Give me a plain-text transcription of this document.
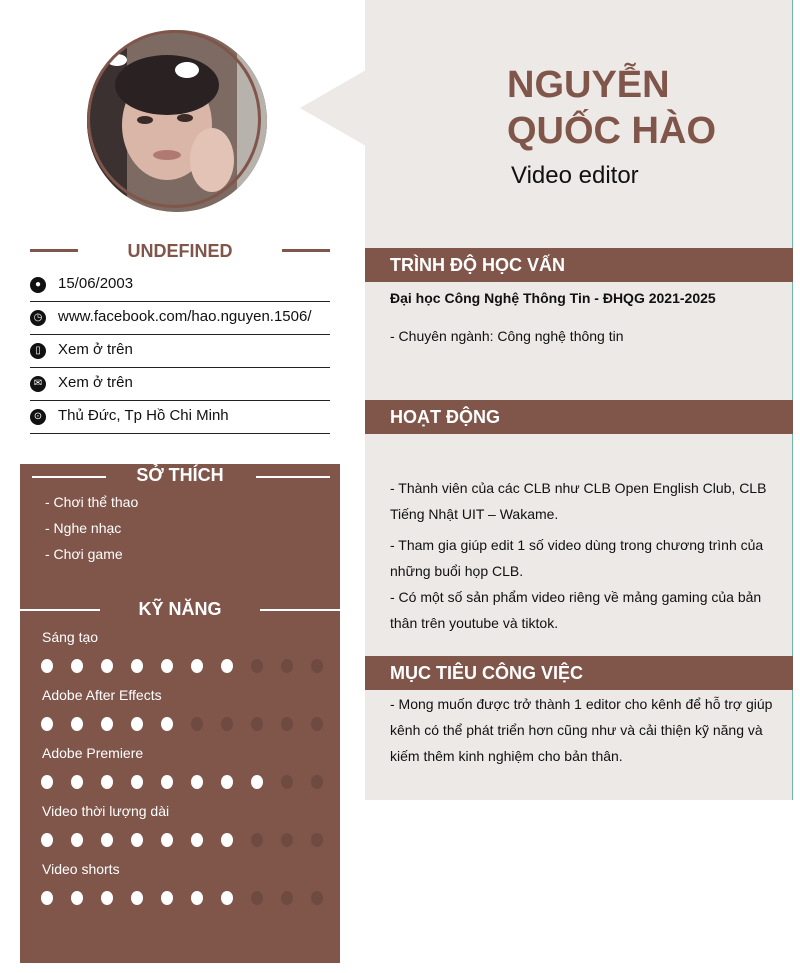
NGUYỄN
QUỐC HÀO
Video editor
UNDEFINED
●	15/06/2003
◷ www.facebook.com/hao.nguyen.1506/
▯	Xem ở trên
✉ Xem ở trên
⊙ Thủ Đức, Tp Hồ Chi Minh
SỞ THÍCH
- Chơi thể thao
- Nghe nhạc
- Chơi game
KỸ NĂNG
Sáng tạo
Adobe After Effects
Adobe Premiere
Video thời lượng dài
Video shorts
TRÌNH ĐỘ HỌC VẤN
Đại học Công Nghệ Thông Tin - ĐHQG 2021-2025
- Chuyên ngành: Công nghệ thông tin
HOẠT ĐỘNG
- Thành viên của các CLB như CLB Open English Club, CLB Tiếng Nhật UIT – Wakame.
- Tham gia giúp edit 1 số video dùng trong chương trình của những buổi họp CLB.
- Có một số sản phẩm video riêng về mảng gaming của bản thân trên youtube và tiktok.
MỤC TIÊU CÔNG VIỆC
- Mong muốn được trở thành 1 editor cho kênh để hỗ trợ giúp kênh có thể phát triển hơn cũng như và cải thiện kỹ năng và kiếm thêm kinh nghiệm cho bản thân.
